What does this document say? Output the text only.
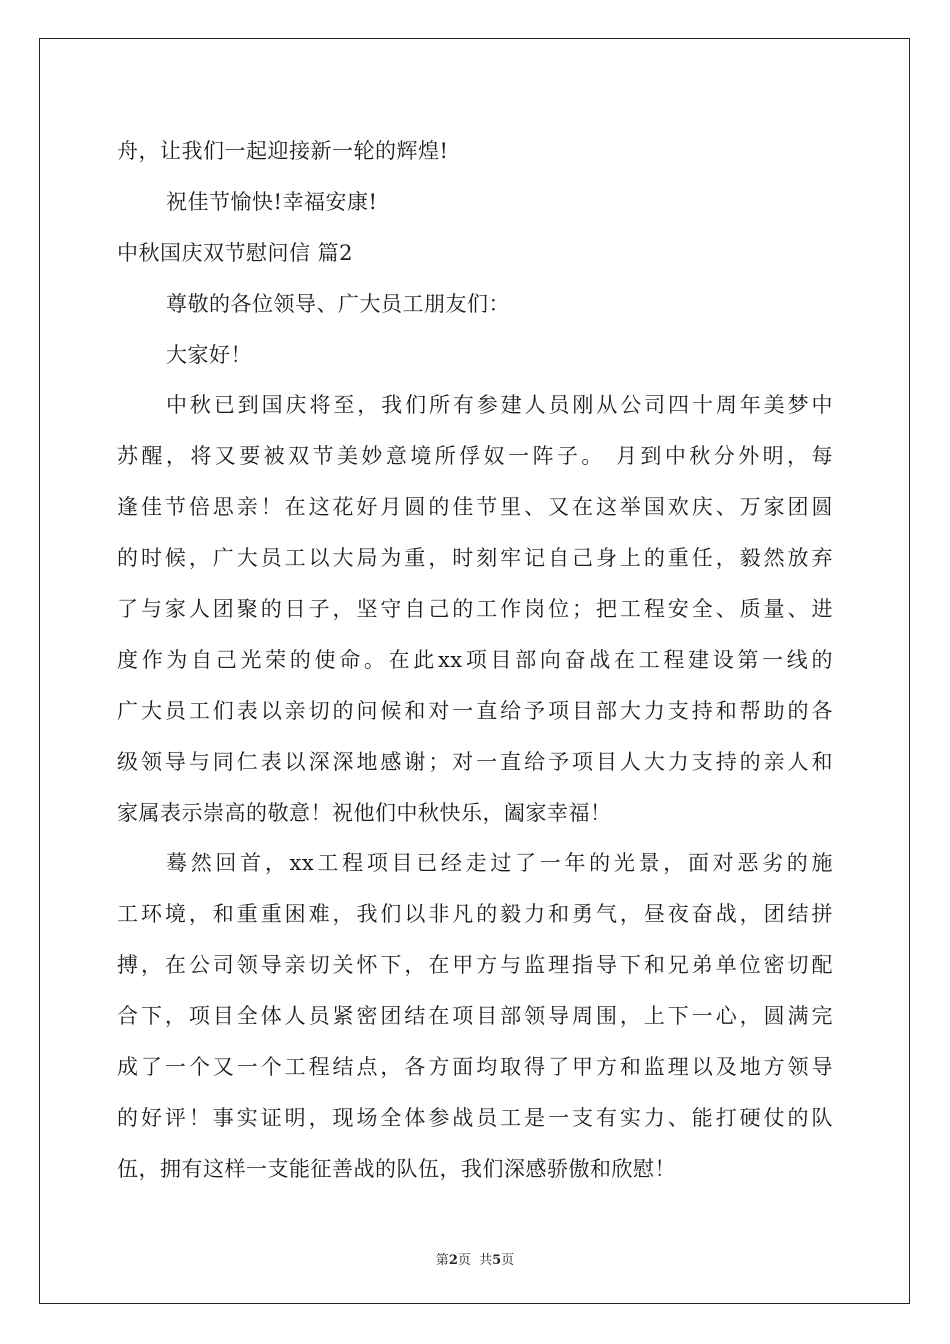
舟，让我们一起迎接新一轮的辉煌!
祝佳节愉快!幸福安康!
中秋国庆双节慰问信 篇2
尊敬的各位领导、广大员工朋友们：
大家好！
中秋已到国庆将至，我们所有参建人员刚从公司四十周年美梦中
苏醒，将又要被双节美妙意境所俘奴一阵子。 月到中秋分外明，每
逢佳节倍思亲！在这花好月圆的佳节里、又在这举国欢庆、万家团圆
的时候，广大员工以大局为重，时刻牢记自己身上的重任，毅然放弃
了与家人团聚的日子，坚守自己的工作岗位；把工程安全、质量、进
度作为自己光荣的使命。在此xx项目部向奋战在工程建设第一线的
广大员工们表以亲切的问候和对一直给予项目部大力支持和帮助的各
级领导与同仁表以深深地感谢；对一直给予项目人大力支持的亲人和
家属表示崇高的敬意！祝他们中秋快乐，阖家幸福！
蓦然回首，xx工程项目已经走过了一年的光景，面对恶劣的施
工环境，和重重困难，我们以非凡的毅力和勇气，昼夜奋战，团结拼
搏，在公司领导亲切关怀下，在甲方与监理指导下和兄弟单位密切配
合下，项目全体人员紧密团结在项目部领导周围，上下一心，圆满完
成了一个又一个工程结点，各方面均取得了甲方和监理以及地方领导
的好评！事实证明，现场全体参战员工是一支有实力、能打硬仗的队
伍，拥有这样一支能征善战的队伍，我们深感骄傲和欣慰！
第2页  共5页
